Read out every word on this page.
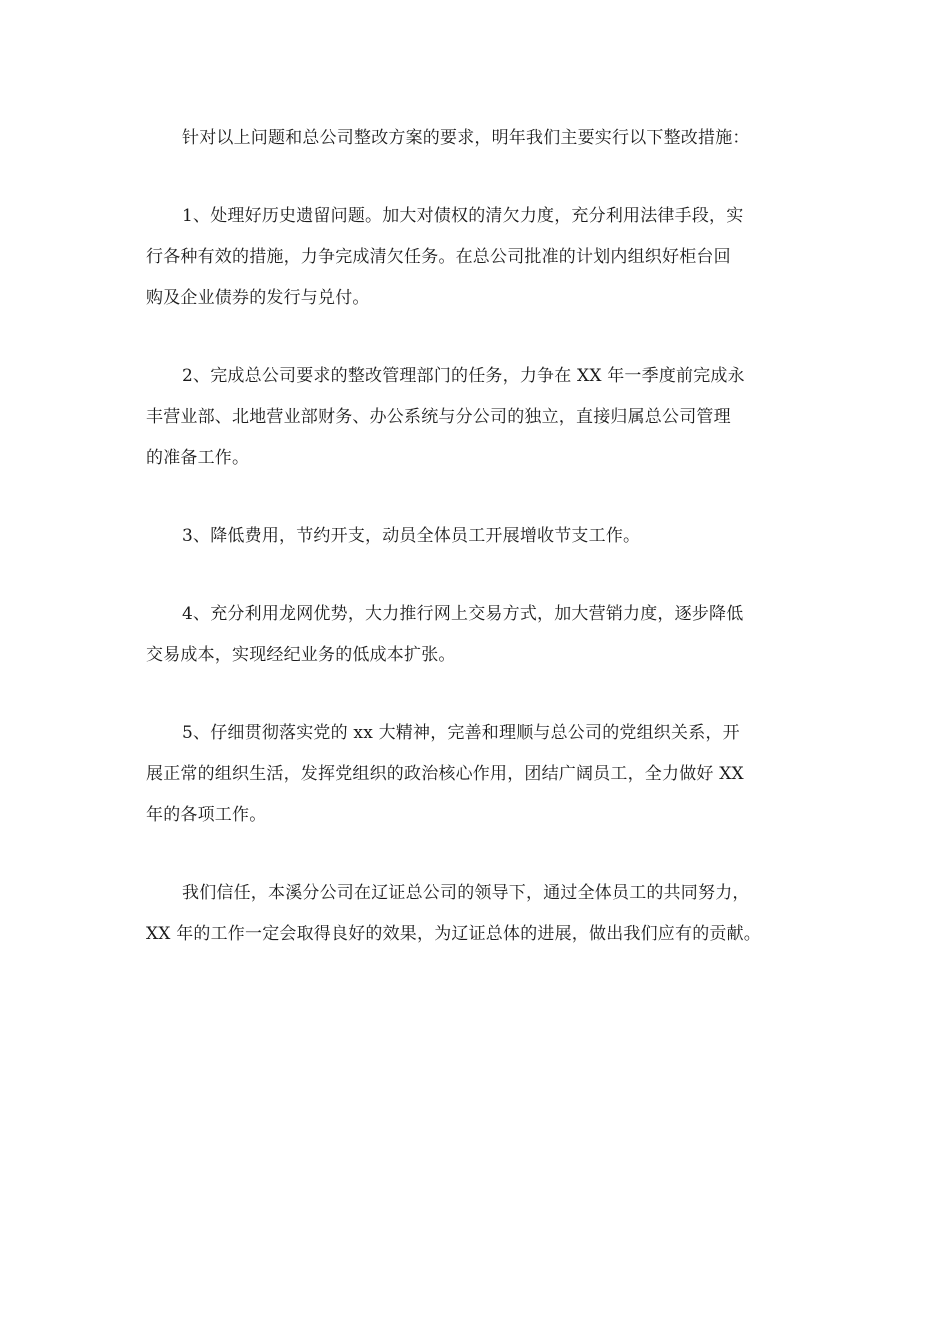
针对以上问题和总公司整改方案的要求，明年我们主要实行以下整改措施：

1、处理好历史遗留问题。加大对债权的清欠力度，充分利用法律手段，实
行各种有效的措施，力争完成清欠任务。在总公司批准的计划内组织好柜台回
购及企业债券的发行与兑付。

2、完成总公司要求的整改管理部门的任务，力争在 XX 年一季度前完成永
丰营业部、北地营业部财务、办公系统与分公司的独立，直接归属总公司管理
的准备工作。

3、降低费用，节约开支，动员全体员工开展增收节支工作。

4、充分利用龙网优势，大力推行网上交易方式，加大营销力度，逐步降低
交易成本，实现经纪业务的低成本扩张。

5、仔细贯彻落实党的 xx 大精神，完善和理顺与总公司的党组织关系，开
展正常的组织生活，发挥党组织的政治核心作用，团结广阔员工，全力做好 XX
年的各项工作。

我们信任，本溪分公司在辽证总公司的领导下，通过全体员工的共同努力，
XX 年的工作一定会取得良好的效果，为辽证总体的进展，做出我们应有的贡献。
